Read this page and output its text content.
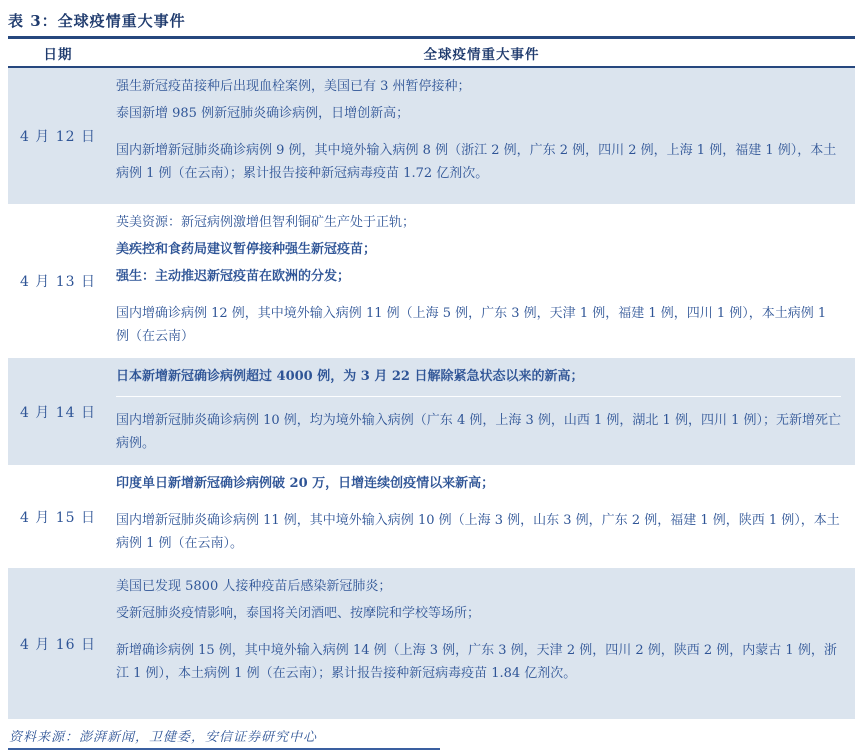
表 3：全球疫情重大事件
日期	全球疫情重大事件
4 月 12 日

强生新冠疫苗接种后出现血栓案例，美国已有 3 州暂停接种；

泰国新增 985 例新冠肺炎确诊病例，日增创新高；

国内新增新冠肺炎确诊病例 9 例，其中境外输入病例 8 例（浙江 2 例，广东 2 例，四川 2 例，上海 1 例，福建 1 例），本土病例 1 例（在云南）；累计报告接种新冠病毒疫苗 1.72 亿剂次。

4 月 13 日

英美资源：新冠病例激增但智利铜矿生产处于正轨；

美疾控和食药局建议暂停接种强生新冠疫苗；

强生：主动推迟新冠疫苗在欧洲的分发；

国内增确诊病例 12 例，其中境外输入病例 11 例（上海 5 例，广东 3 例，天津 1 例，福建 1 例，四川 1 例），本土病例 1 例（在云南）

4 月 14 日

日本新增新冠确诊病例超过 4000 例，为 3 月 22 日解除紧急状态以来的新高；

国内增新冠肺炎确诊病例 10 例，均为境外输入病例（广东 4 例，上海 3 例，山西 1 例，湖北 1 例，四川 1 例）；无新增死亡病例。

4 月 15 日

印度单日新增新冠确诊病例破 20 万，日增连续创疫情以来新高；

国内增新冠肺炎确诊病例 11 例，其中境外输入病例 10 例（上海 3 例，山东 3 例，广东 2 例，福建 1 例，陕西 1 例），本土病例 1 例（在云南）。

4 月 16 日

美国已发现 5800 人接种疫苗后感染新冠肺炎；

受新冠肺炎疫情影响，泰国将关闭酒吧、按摩院和学校等场所；

新增确诊病例 15 例，其中境外输入病例 14 例（上海 3 例，广东 3 例，天津 2 例，四川 2 例，陕西 2 例，内蒙古 1 例，浙江 1 例），本土病例 1 例（在云南）；累计报告接种新冠病毒疫苗 1.84 亿剂次。

资料来源：澎湃新闻，卫健委，安信证券研究中心
